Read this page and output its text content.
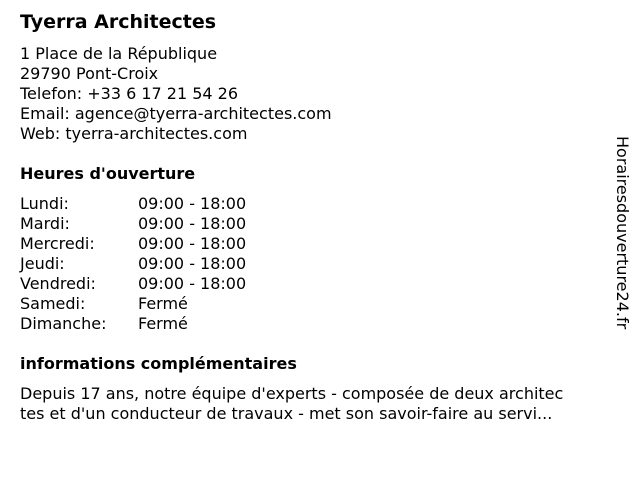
Tyerra Architectes
1 Place de la République
29790 Pont-Croix
Telefon: +33 6 17 21 54 26
Email: agence@tyerra-architectes.com
Web: tyerra-architectes.com
Heures d'ouverture
Lundi:	09:00 - 18:00
Mardi:	09:00 - 18:00
Mercredi:	09:00 - 18:00
Jeudi:	09:00 - 18:00
Vendredi:	09:00 - 18:00
Samedi:	Fermé
Dimanche:	Fermé
informations complémentaires
Depuis 17 ans, notre équipe d'experts - composée de deux architec
tes et d'un conducteur de travaux - met son savoir-faire au servi...
Horairesdouverture24.fr
